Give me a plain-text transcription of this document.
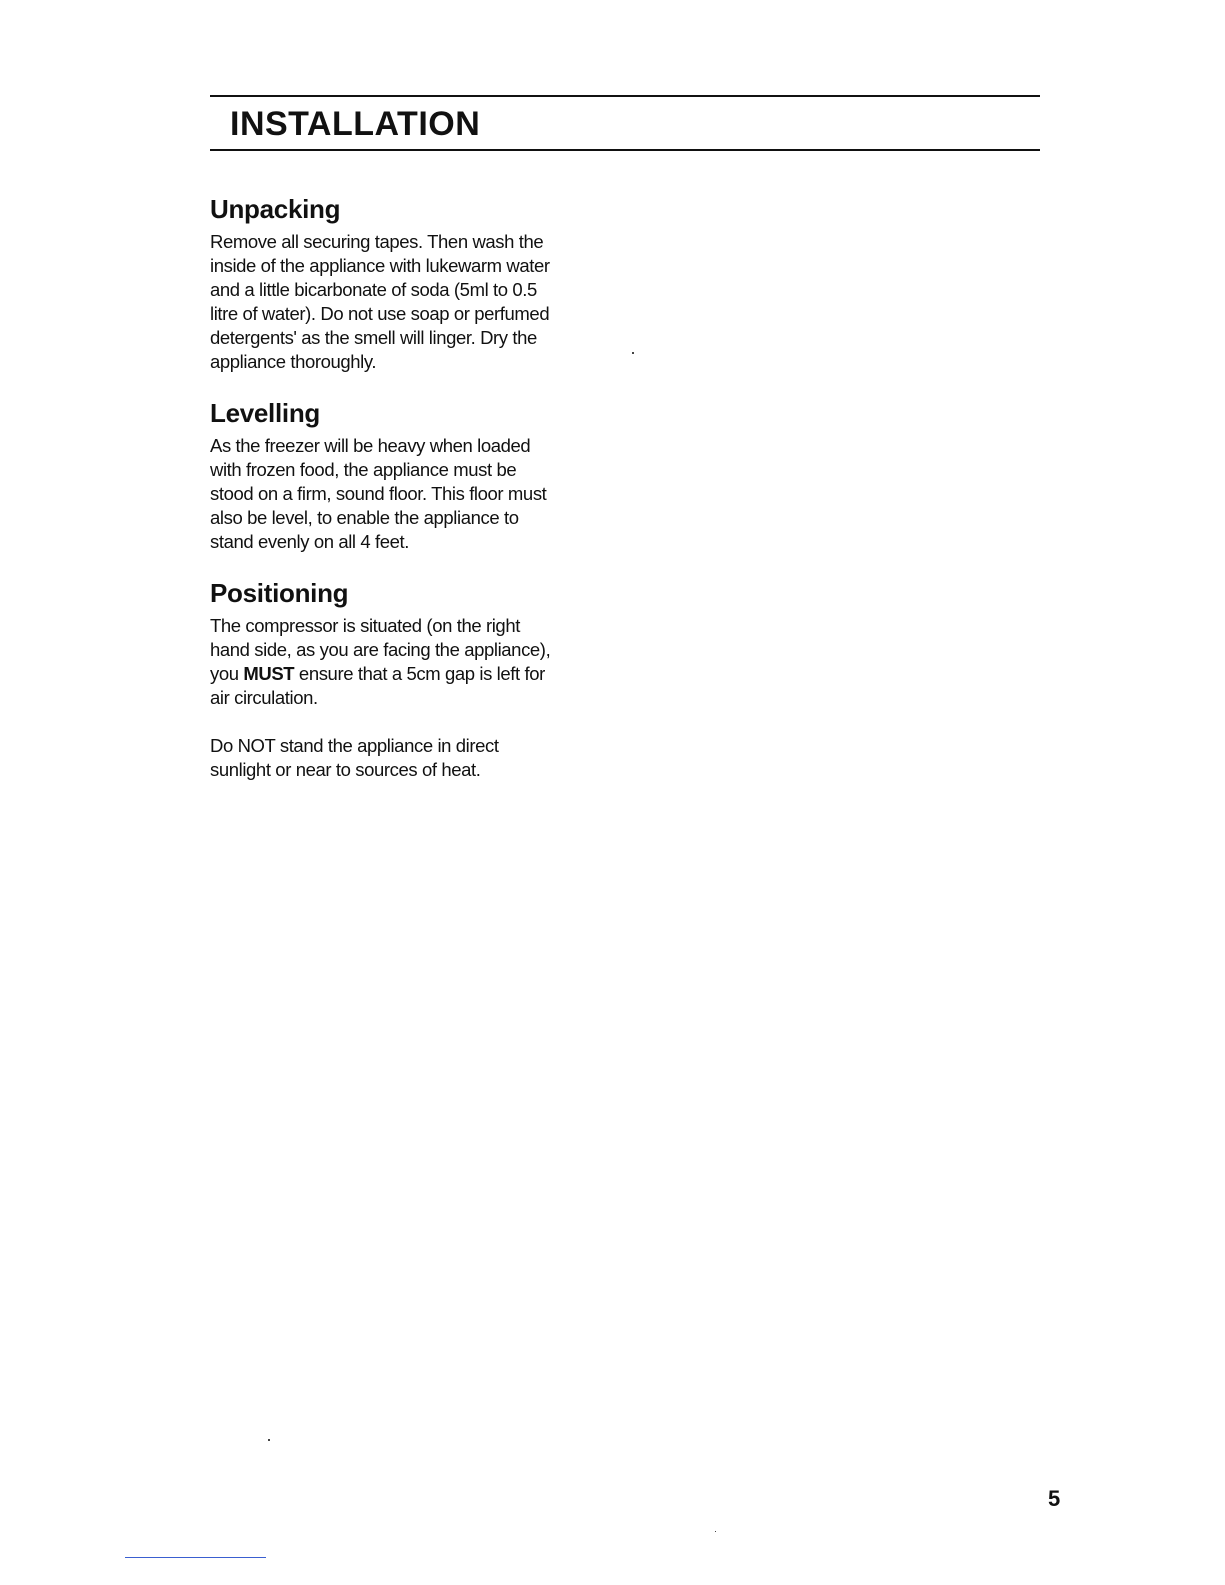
INSTALLATION
Unpacking

Remove all securing tapes. Then wash the
inside of the appliance with lukewarm water
and a little bicarbonate of soda (5ml to 0.5
litre of water). Do not use soap or perfumed
detergents' as the smell will linger. Dry the
appliance thoroughly.

Levelling

As the freezer will be heavy when loaded
with frozen food, the appliance must be
stood on a firm, sound floor. This floor must
also be level, to enable the appliance to
stand evenly on all 4 feet.

Positioning

The compressor is situated (on the right
hand side, as you are facing the appliance),
you MUST ensure that a 5cm gap is left for
air circulation.

Do NOT stand the appliance in direct
sunlight or near to sources of heat.

5
